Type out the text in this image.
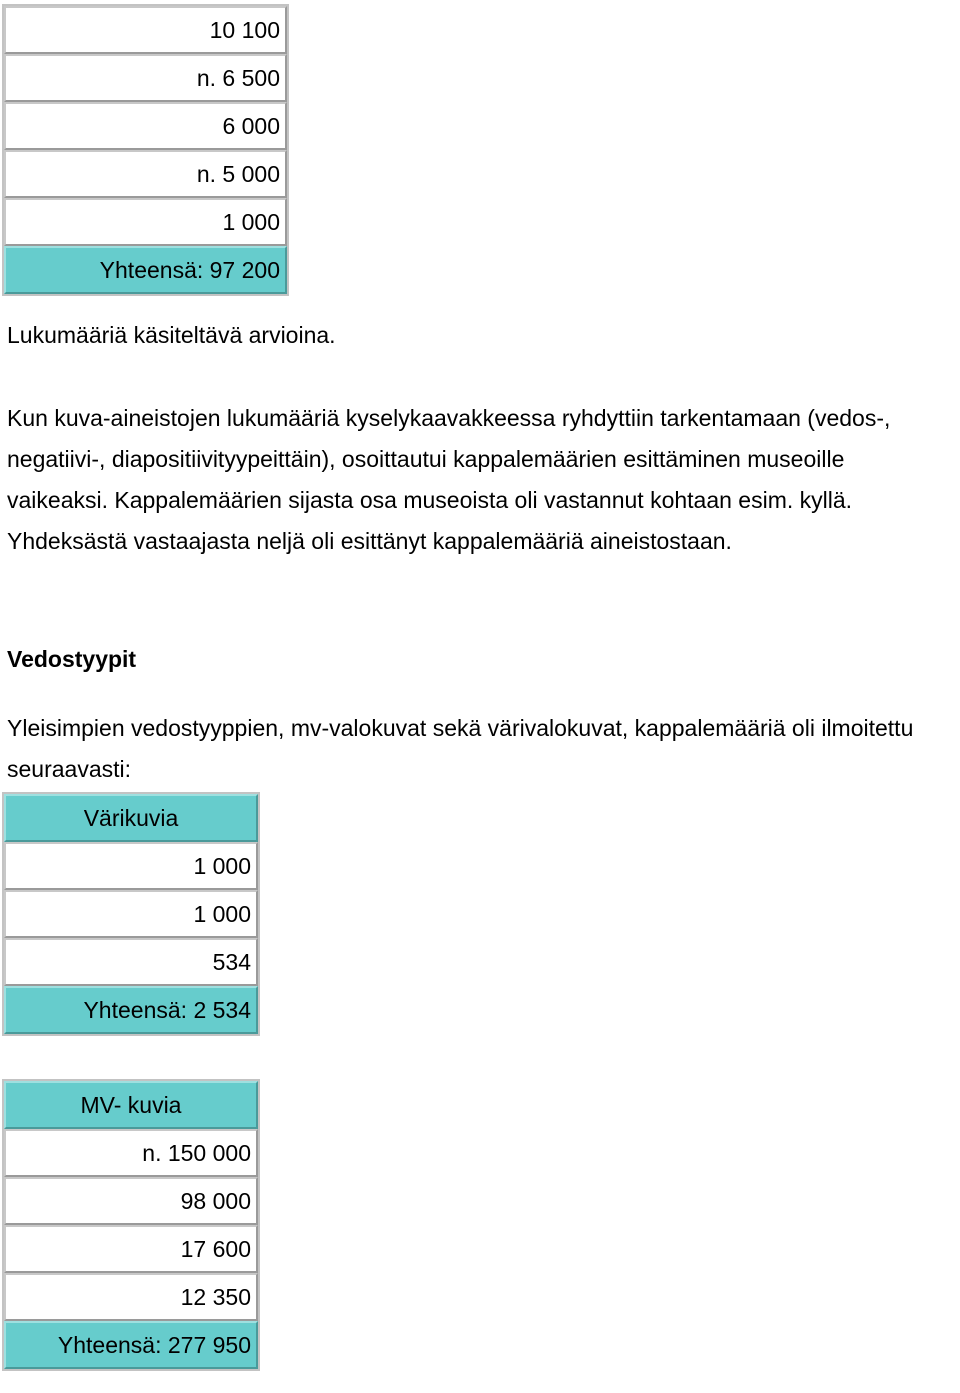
10 100
n. 6 500
6 000
n. 5 000
1 000
Yhteensä: 97 200
Lukumääriä käsiteltävä arvioina.
Kun kuva-aineistojen lukumääriä kyselykaavakkeessa ryhdyttiin tarkentamaan (vedos-,
negatiivi-, diapositiivityypeittäin), osoittautui kappalemäärien esittäminen museoille
vaikeaksi. Kappalemäärien sijasta osa museoista oli vastannut kohtaan esim. kyllä.
Yhdeksästä vastaajasta neljä oli esittänyt kappalemääriä aineistostaan.
Vedostyypit
Yleisimpien vedostyyppien, mv-valokuvat sekä värivalokuvat, kappalemääriä oli ilmoitettu
seuraavasti:
Värikuvia
1 000
1 000
534
Yhteensä: 2 534
MV- kuvia
n. 150 000
98 000
17 600
12 350
Yhteensä: 277 950
